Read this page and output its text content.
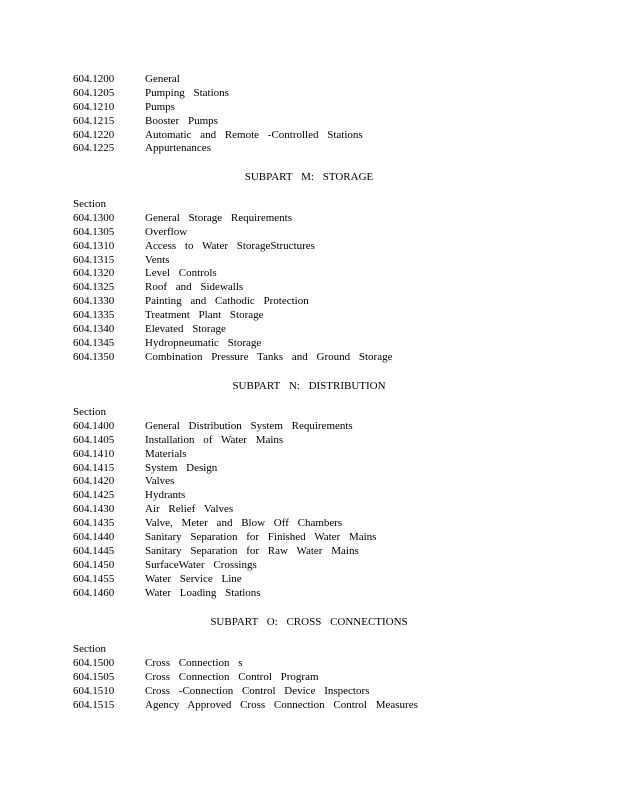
604.1200	General
604.1205	Pumping Stations
604.1210	Pumps
604.1215	Booster Pumps
604.1220	Automatic and Remote -Controlled Stations
604.1225	Appurtenances
SUBPART M: STORAGE
Section
604.1300	General Storage Requirements
604.1305	Overflow
604.1310	Access to Water StorageStructures
604.1315	Vents
604.1320	Level Controls
604.1325	Roof and Sidewalls
604.1330	Painting and Cathodic Protection
604.1335	Treatment Plant Storage
604.1340	Elevated Storage
604.1345	Hydropneumatic Storage
604.1350	Combination Pressure Tanks and Ground Storage
SUBPART N: DISTRIBUTION
Section
604.1400	General Distribution System Requirements
604.1405	Installation of Water Mains
604.1410	Materials
604.1415	System Design
604.1420	Valves
604.1425	Hydrants
604.1430	Air Relief Valves
604.1435	Valve, Meter and Blow Off Chambers
604.1440	Sanitary Separation for Finished Water Mains
604.1445	Sanitary Separation for Raw Water Mains
604.1450	SurfaceWater Crossings
604.1455	Water Service Line
604.1460	Water Loading Stations
SUBPART O: CROSS CONNECTIONS
Section
604.1500	Cross Connection s
604.1505	Cross Connection Control Program
604.1510	Cross -Connection Control Device Inspectors
604.1515	Agency Approved Cross Connection Control Measures
